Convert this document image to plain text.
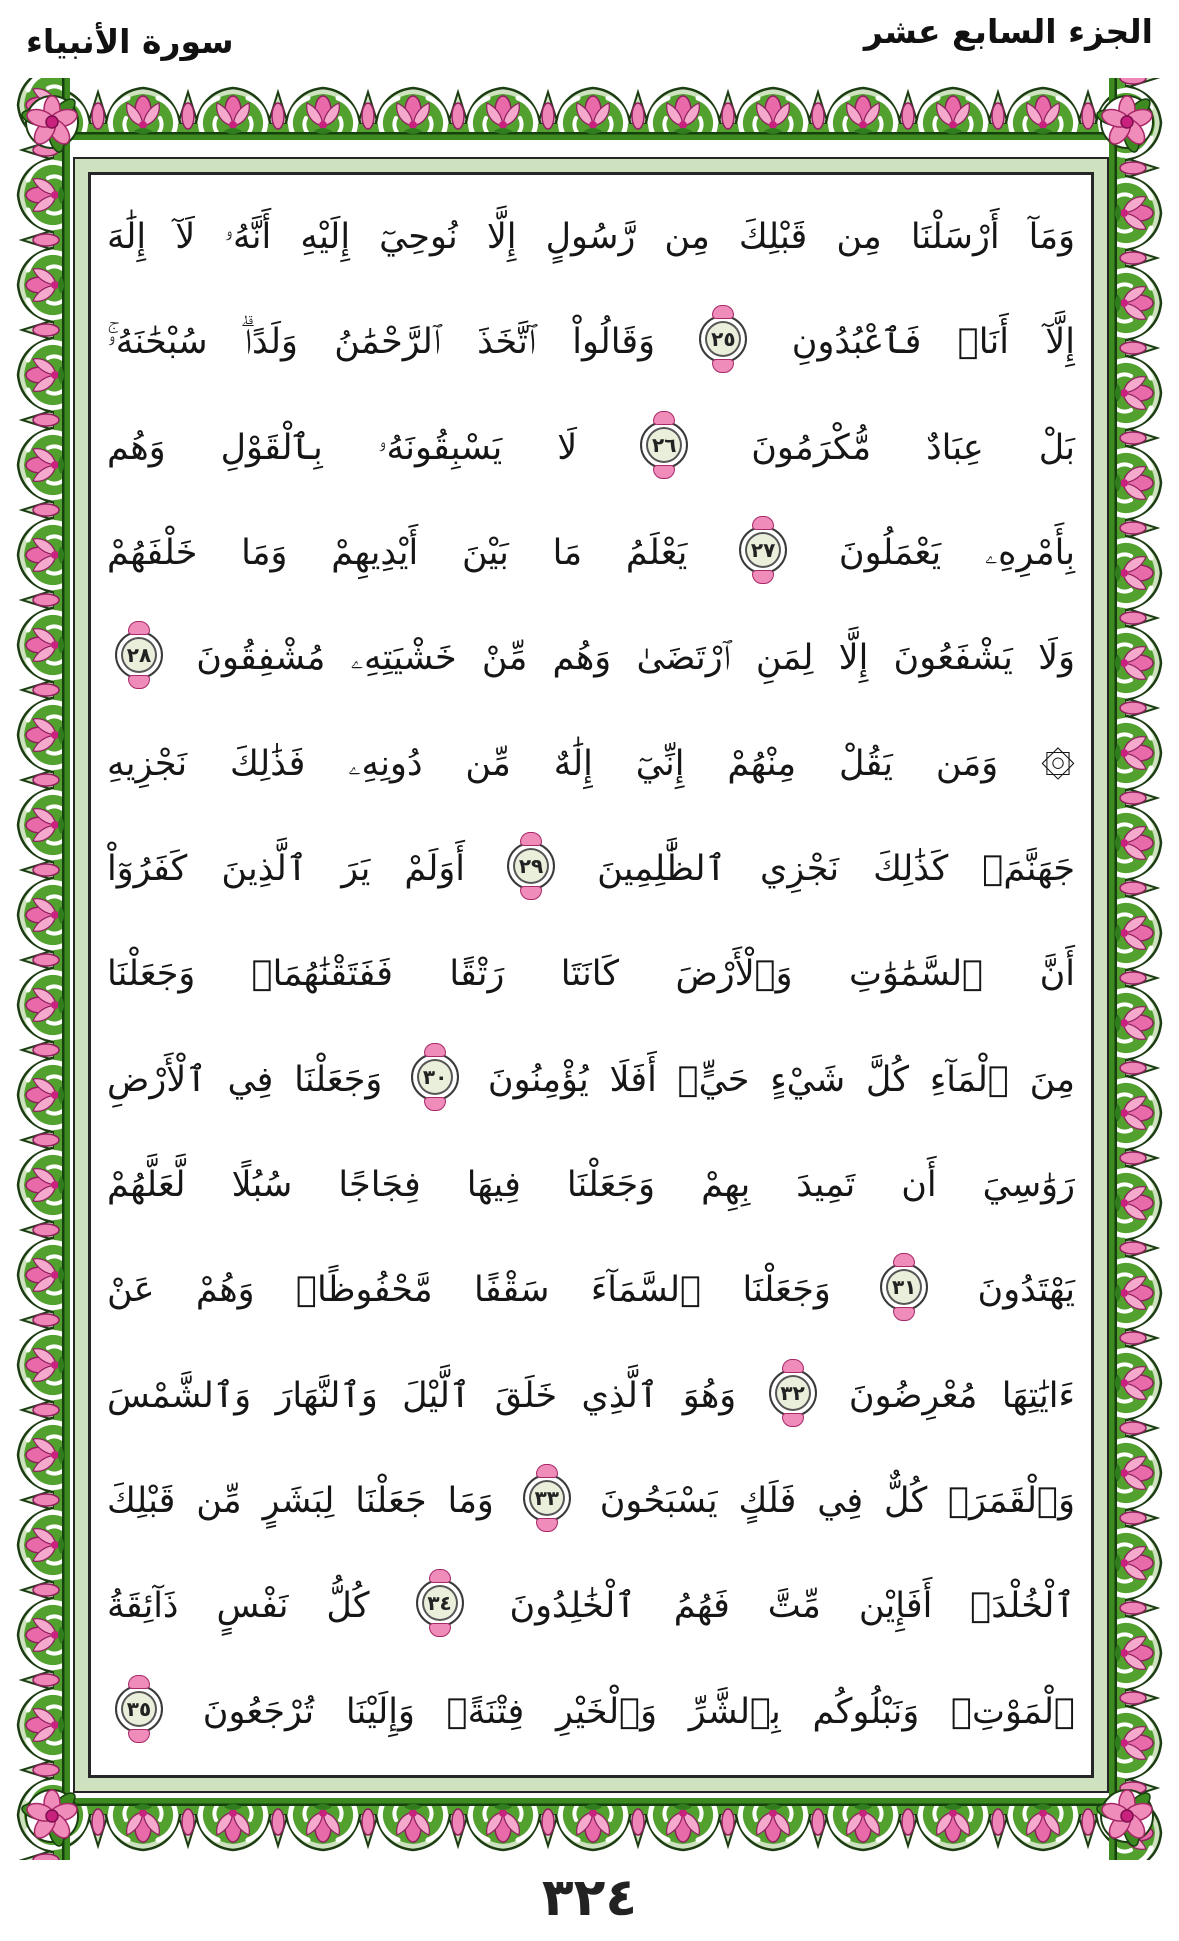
الجزء السابع عشر
سورة الأنبياء
وَمَآ أَرْسَلْنَا مِن قَبْلِكَ مِن رَّسُولٍ إِلَّا نُوحِيٓ إِلَيْهِ أَنَّهُۥ لَآ إِلَٰهَ
إِلَّآ أَنَا۠ فَٱعْبُدُونِ
٢٥
وَقَالُواْ ٱتَّخَذَ ٱلرَّحْمَٰنُ وَلَدًاۗ سُبْحَٰنَهُۥۚ
بَلْ عِبَادٌ مُّكْرَمُونَ
٢٦
لَا يَسْبِقُونَهُۥ بِٱلْقَوْلِ وَهُم
بِأَمْرِهِۦ يَعْمَلُونَ
٢٧
يَعْلَمُ مَا بَيْنَ أَيْدِيهِمْ وَمَا خَلْفَهُمْ
وَلَا يَشْفَعُونَ إِلَّا لِمَنِ ٱرْتَضَىٰ وَهُم مِّنْ خَشْيَتِهِۦ مُشْفِقُونَ
٢٨
۞ وَمَن يَقُلْ مِنْهُمْ إِنِّيٓ إِلَٰهٌ مِّن دُونِهِۦ فَذَٰلِكَ نَجْزِيهِ
جَهَنَّمَۚ كَذَٰلِكَ نَجْزِي ٱلظَّٰلِمِينَ
٢٩
أَوَلَمْ يَرَ ٱلَّذِينَ كَفَرُوٓاْ
أَنَّ ٱلسَّمَٰوَٰتِ وَٱلْأَرْضَ كَانَتَا رَتْقًا فَفَتَقْنَٰهُمَاۖ وَجَعَلْنَا
مِنَ ٱلْمَآءِ كُلَّ شَيْءٍ حَيٍّۚ أَفَلَا يُؤْمِنُونَ
٣٠
وَجَعَلْنَا فِي ٱلْأَرْضِ
رَوَٰسِيَ أَن تَمِيدَ بِهِمْ وَجَعَلْنَا فِيهَا فِجَاجًا سُبُلًا لَّعَلَّهُمْ
يَهْتَدُونَ
٣١
وَجَعَلْنَا ٱلسَّمَآءَ سَقْفًا مَّحْفُوظًاۖ وَهُمْ عَنْ
ءَايَٰتِهَا مُعْرِضُونَ
٣٢
وَهُوَ ٱلَّذِي خَلَقَ ٱلَّيْلَ وَٱلنَّهَارَ وَٱلشَّمْسَ
وَٱلْقَمَرَۖ كُلٌّ فِي فَلَكٍ يَسْبَحُونَ
٣٣
وَمَا جَعَلْنَا لِبَشَرٍ مِّن قَبْلِكَ
ٱلْخُلْدَۖ أَفَإِيْن مِّتَّ فَهُمُ ٱلْخَٰلِدُونَ
٣٤
كُلُّ نَفْسٍ ذَآئِقَةُ
ٱلْمَوْتِۗ وَنَبْلُوكُم بِٱلشَّرِّ وَٱلْخَيْرِ فِتْنَةًۖ وَإِلَيْنَا تُرْجَعُونَ
٣٥
٣٢٤
